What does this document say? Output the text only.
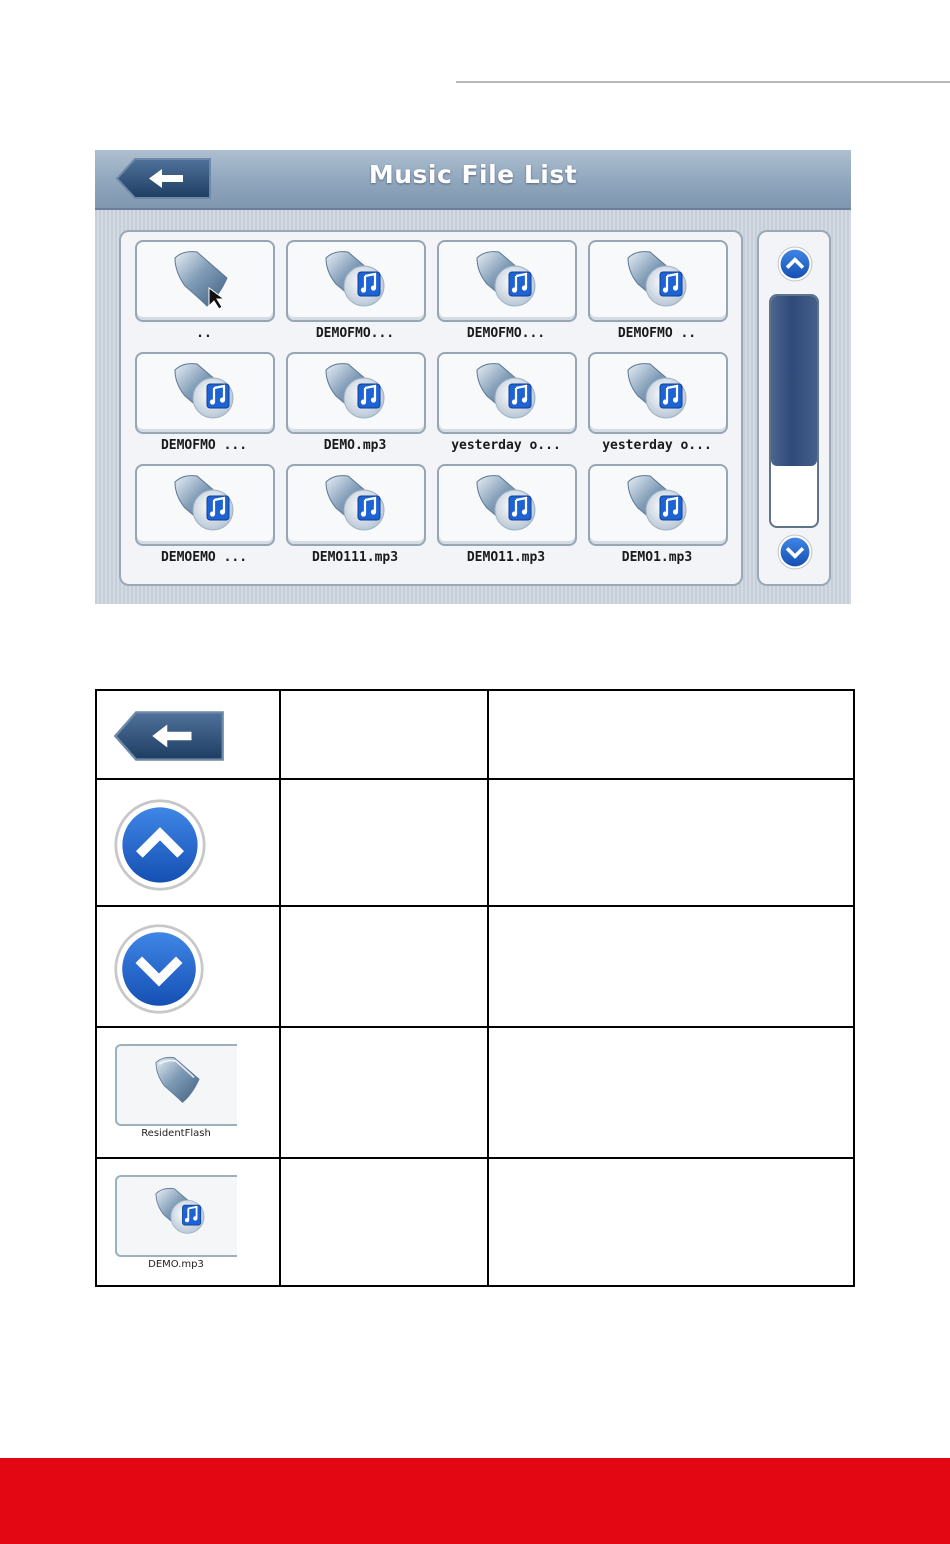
Music File List
..	DEMOFMO...	DEMOFMO...	DEMOFMO ..
DEMOFMO ...	DEMO.mp3	yesterday o...	yesterday o...
DEMOEMO ...	DEMO111.mp3	DEMO11.mp3	DEMO1.mp3

ResidentFlash		

DEMO.mp3		
